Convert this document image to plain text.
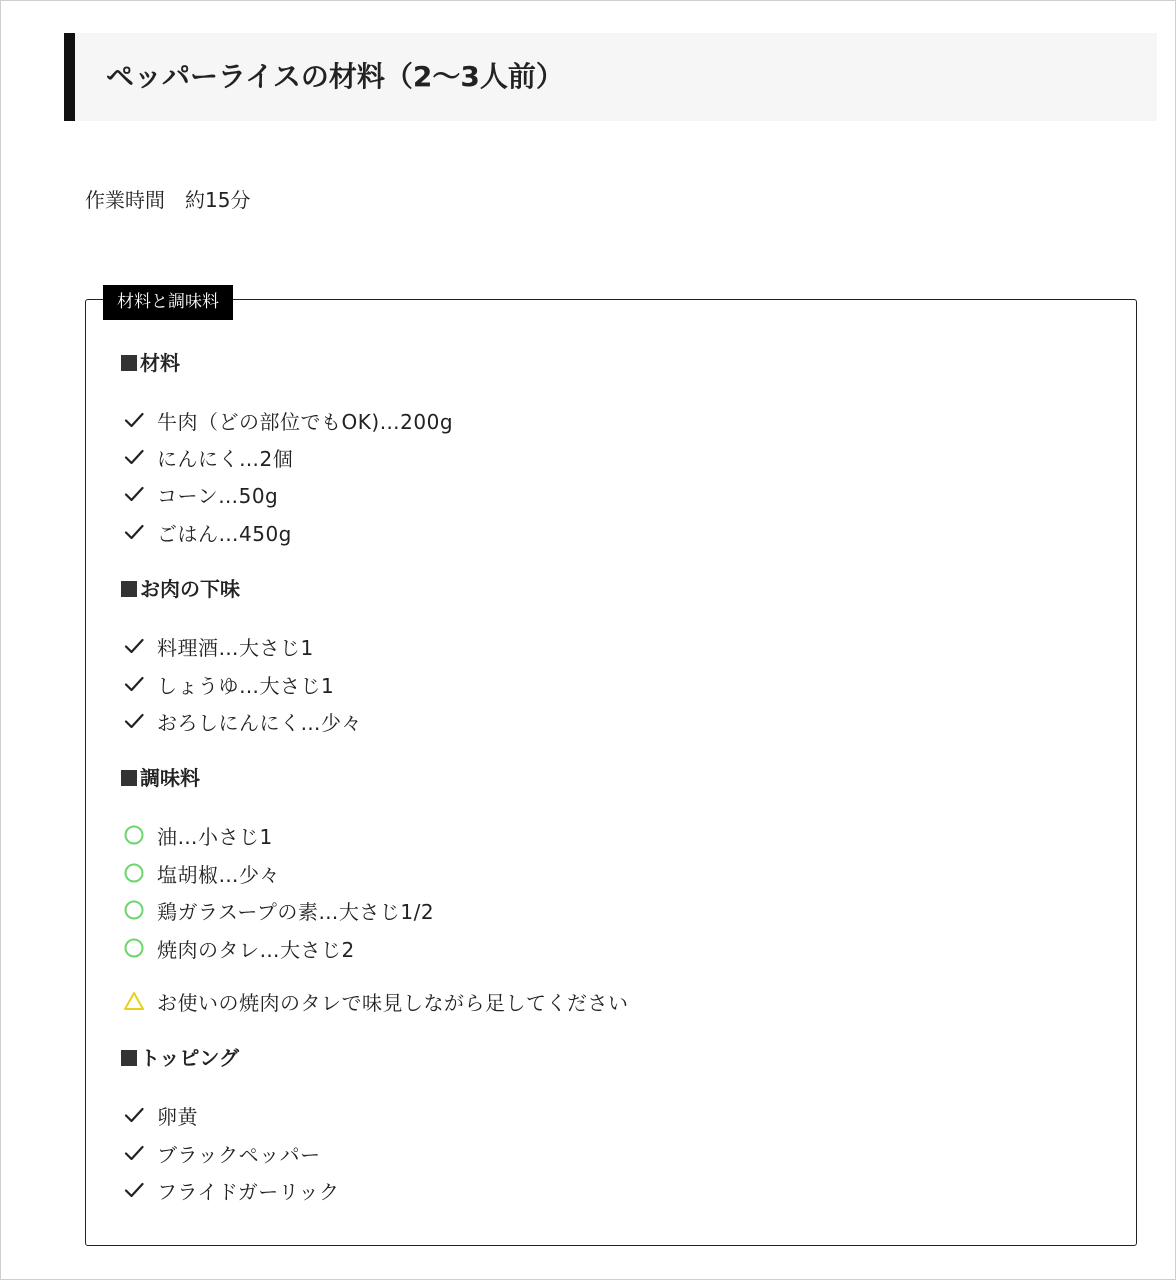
ペッパーライスの材料（2〜3人前）
作業時間　約15分
材料と調味料
材料
牛肉（どの部位でもOK)…200g
にんにく…2個
コーン…50g
ごはん…450g
お肉の下味
料理酒…大さじ1
しょうゆ…大さじ1
おろしにんにく…少々
調味料
油…小さじ1
塩胡椒…少々
鶏ガラスープの素…大さじ1/2
焼肉のタレ…大さじ2
お使いの焼肉のタレで味見しながら足してください
トッピング
卵黄
ブラックペッパー
フライドガーリック
